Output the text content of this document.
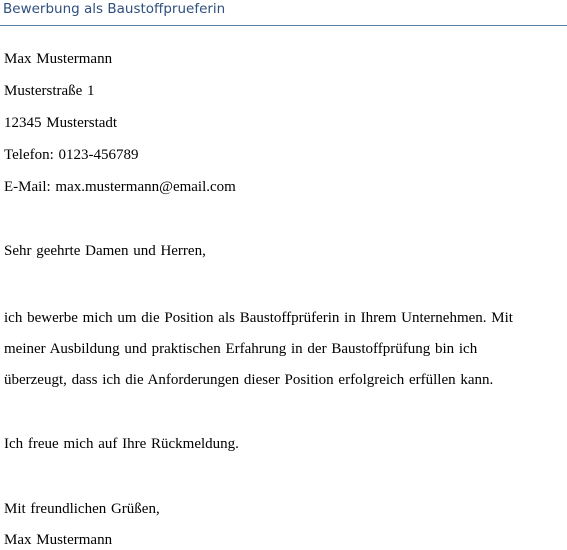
Bewerbung als Baustoffprueferin
Max Mustermann
Musterstraße 1
12345 Musterstadt
Telefon: 0123-456789
E-Mail: max.mustermann@email.com
Sehr geehrte Damen und Herren,
ich bewerbe mich um die Position als Baustoffprüferin in Ihrem Unternehmen. Mit
meiner Ausbildung und praktischen Erfahrung in der Baustoffprüfung bin ich
überzeugt, dass ich die Anforderungen dieser Position erfolgreich erfüllen kann.
Ich freue mich auf Ihre Rückmeldung.
Mit freundlichen Grüßen,
Max Mustermann
